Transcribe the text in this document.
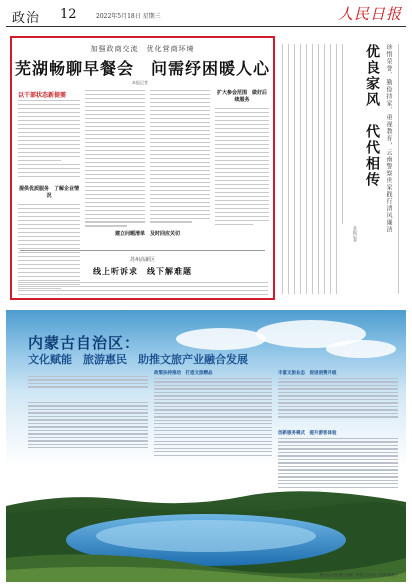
政治 12	2022年5月18日 星期三	人民日报
加强政商交流　优化营商环境
芜湖畅聊早餐会　问需纾困暖人心
本报记者
以干部状态新提需
提供优质服务　了解企业情况
扩大参会范围　做好后续服务
建立问题清单　及时回应关切
苏州高新区
线上听诉求　线下解难题
优良家风　代代相传 珍惜荣誉、勤俭持家、重视教育，云南警察世家践行清风廉洁
本报记者
内蒙古自治区：
文化赋能　旅游惠民　助推文旅产业融合发展
政策扶持推动　打造文旅精品	丰富文旅业态　促进消费升级
创新服务模式　提升游客体验
阿尔山天池 图片来源：内蒙古自治区文化和旅游厅
